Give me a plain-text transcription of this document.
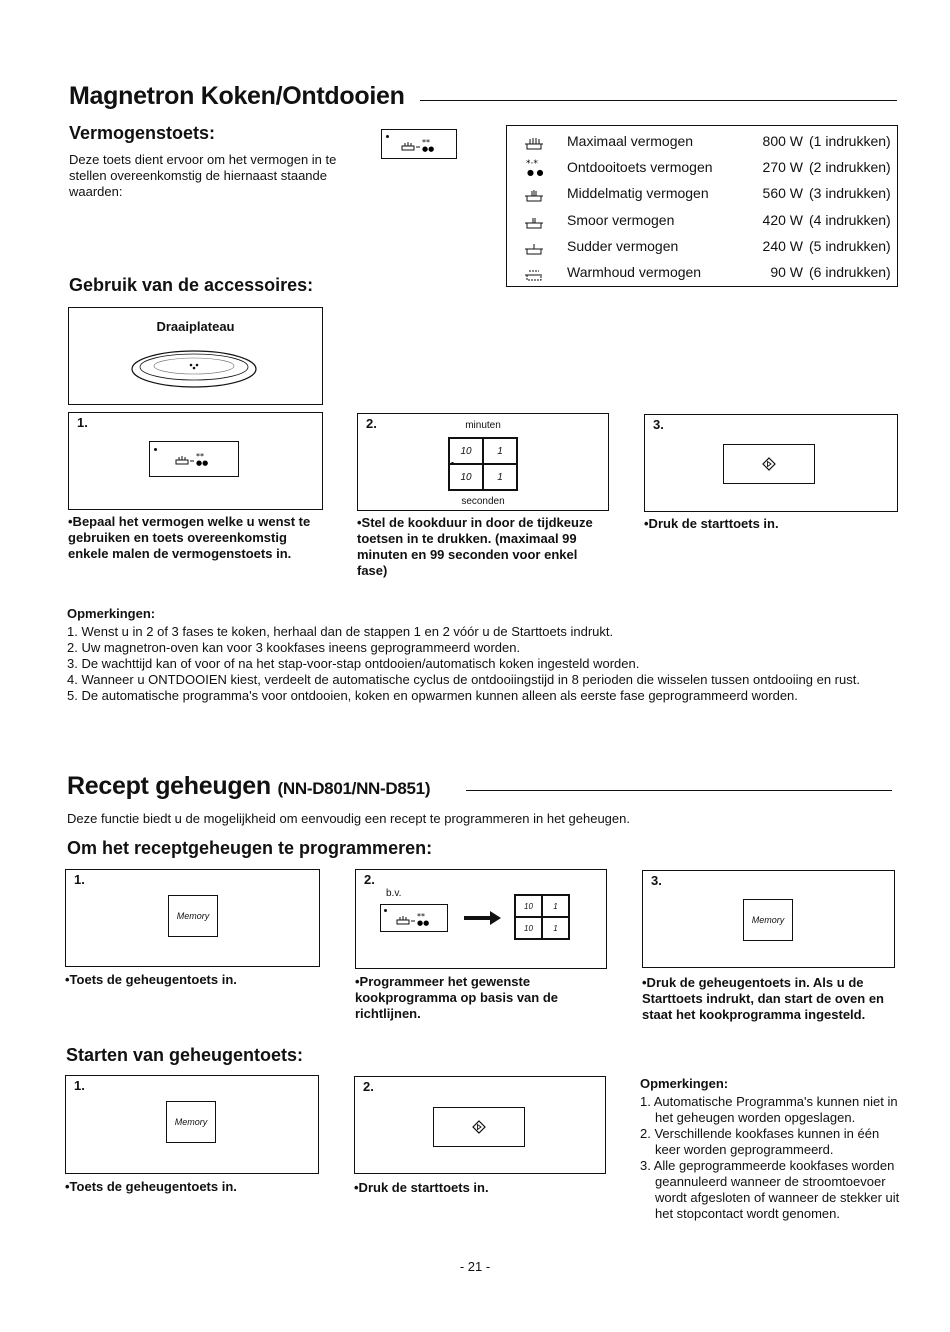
Magnetron Koken/Ontdooien
Vermogenstoets:
Deze toets dient ervoor om het vermogen in te stellen overeenkomstig de hiernaast staande waarden:
**
●●	Maximaal vermogen	800 W (1 indrukken)
*·*
● ● Ontdooitoets vermogen	270 W (2 indrukken)
Middelmatig vermogen	560 W (3 indrukken)
Smoor vermogen	420 W (4 indrukken)
Sudder vermogen	240 W (5 indrukken)
Warmhoud vermogen	90 W (6 indrukken)
Gebruik van de accessoires:
Draaiplateau
1.
**
●●
•Bepaal het vermogen welke u wenst te gebruiken en toets overeenkomstig enkele malen de vermogenstoets in.
2.	minuten
10	1
10	1
seconden
•Stel de kookduur in door de tijdkeuze toetsen in te drukken. (maximaal 99 minuten en 99 seconden voor enkel fase)
3.
•Druk de starttoets in.
Opmerkingen:
1. Wenst u in 2 of 3 fases te koken, herhaal dan de stappen 1 en 2 vóór u de Starttoets indrukt.
2. Uw magnetron-oven kan voor 3 kookfases ineens geprogrammeerd worden.
3. De wachttijd kan of voor of na het stap-voor-stap ontdooien/automatisch koken ingesteld worden.
4. Wanneer u ONTDOOIEN kiest, verdeelt de automatische cyclus de ontdooiingstijd in 8 perioden die wisselen tussen ontdooiing en rust.
5. De automatische programma's voor ontdooien, koken en opwarmen kunnen alleen als eerste fase geprogrammeerd worden.
Recept geheugen (NN-D801/NN-D851)
Deze functie biedt u de mogelijkheid om eenvoudig een recept te programmeren in het geheugen.
Om het receptgeheugen te programmeren:
1.
Memory
•Toets de geheugentoets in.
2.
b.v.
**
●●
10	1
10	1
•Programmeer het gewenste kookprogramma op basis van de richtlijnen.
3.
Memory
•Druk de geheugentoets in. Als u de Starttoets indrukt, dan start de oven en staat het kookprogramma ingesteld.
Starten van geheugentoets:
1.
Memory
•Toets de geheugentoets in.
2.
•Druk de starttoets in.
Opmerkingen:
1. Automatische Programma's kunnen niet in het geheugen worden opgeslagen.
2. Verschillende kookfases kunnen in één keer worden geprogrammeerd.
3. Alle geprogrammeerde kookfases worden geannuleerd wanneer de stroomtoevoer wordt afgesloten of wanneer de stekker uit het stopcontact wordt genomen.
- 21 -
